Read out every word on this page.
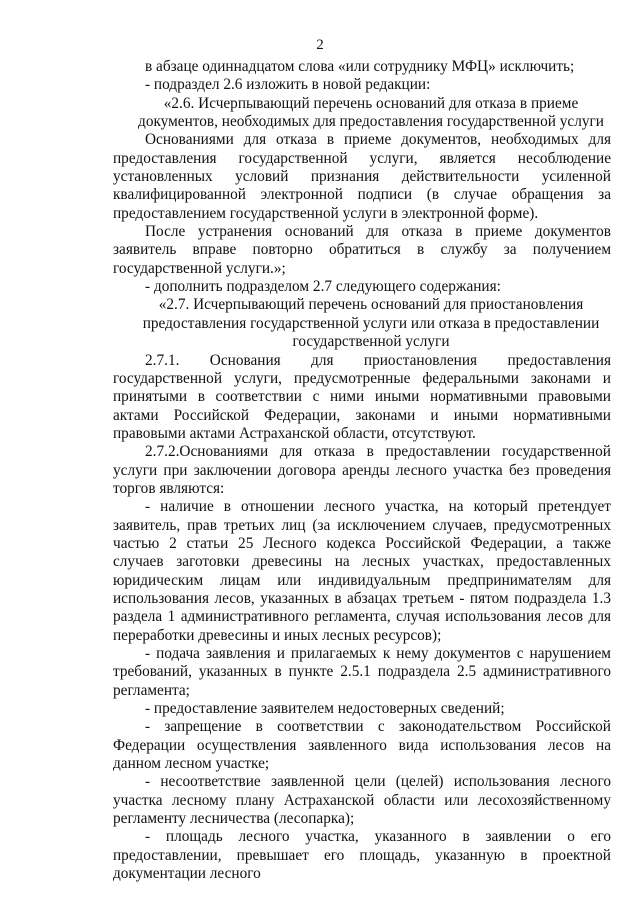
2

в абзаце одиннадцатом слова «или сотруднику МФЦ» исключить;

- подраздел 2.6 изложить в новой редакции:

«2.6. Исчерпывающий перечень оснований для отказа в приеме документов, необходимых для предоставления государственной услуги

Основаниями для отказа в приеме документов, необходимых для предоставления государственной услуги, является несоблюдение установленных условий признания действительности усиленной квалифицированной электронной подписи (в случае обращения за предоставлением государственной услуги в электронной форме).

После устранения оснований для отказа в приеме документов заявитель вправе повторно обратиться в службу за получением государственной услуги.»;

- дополнить подразделом 2.7 следующего содержания:

«2.7. Исчерпывающий перечень оснований для приостановления предоставления государственной услуги или отказа в предоставлении государственной услуги

2.7.1. Основания для приостановления предоставления государственной услуги, предусмотренные федеральными законами и принятыми в соответствии с ними иными нормативными правовыми актами Российской Федерации, законами и иными нормативными правовыми актами Астраханской области, отсутствуют.

2.7.2.Основаниями для отказа в предоставлении государственной услуги при заключении договора аренды лесного участка без проведения торгов являются:

- наличие в отношении лесного участка, на который претендует заявитель, прав третьих лиц (за исключением случаев, предусмотренных частью 2 статьи 25 Лесного кодекса Российской Федерации, а также случаев заготовки древесины на лесных участках, предоставленных юридическим лицам или индивидуальным предпринимателям для использования лесов, указанных в абзацах третьем - пятом подраздела 1.3 раздела 1 административного регламента, случая использования лесов для переработки древесины и иных лесных ресурсов);

- подача заявления и прилагаемых к нему документов с нарушением требований, указанных в пункте 2.5.1 подраздела 2.5 административного регламента;

- предоставление заявителем недостоверных сведений;

- запрещение в соответствии с законодательством Российской Федерации осуществления заявленного вида использования лесов на данном лесном участке;

- несоответствие заявленной цели (целей) использования лесного участка лесному плану Астраханской области или лесохозяйственному регламенту лесничества (лесопарка);

- площадь лесного участка, указанного в заявлении о его предоставлении, превышает его площадь, указанную в проектной документации лесного
